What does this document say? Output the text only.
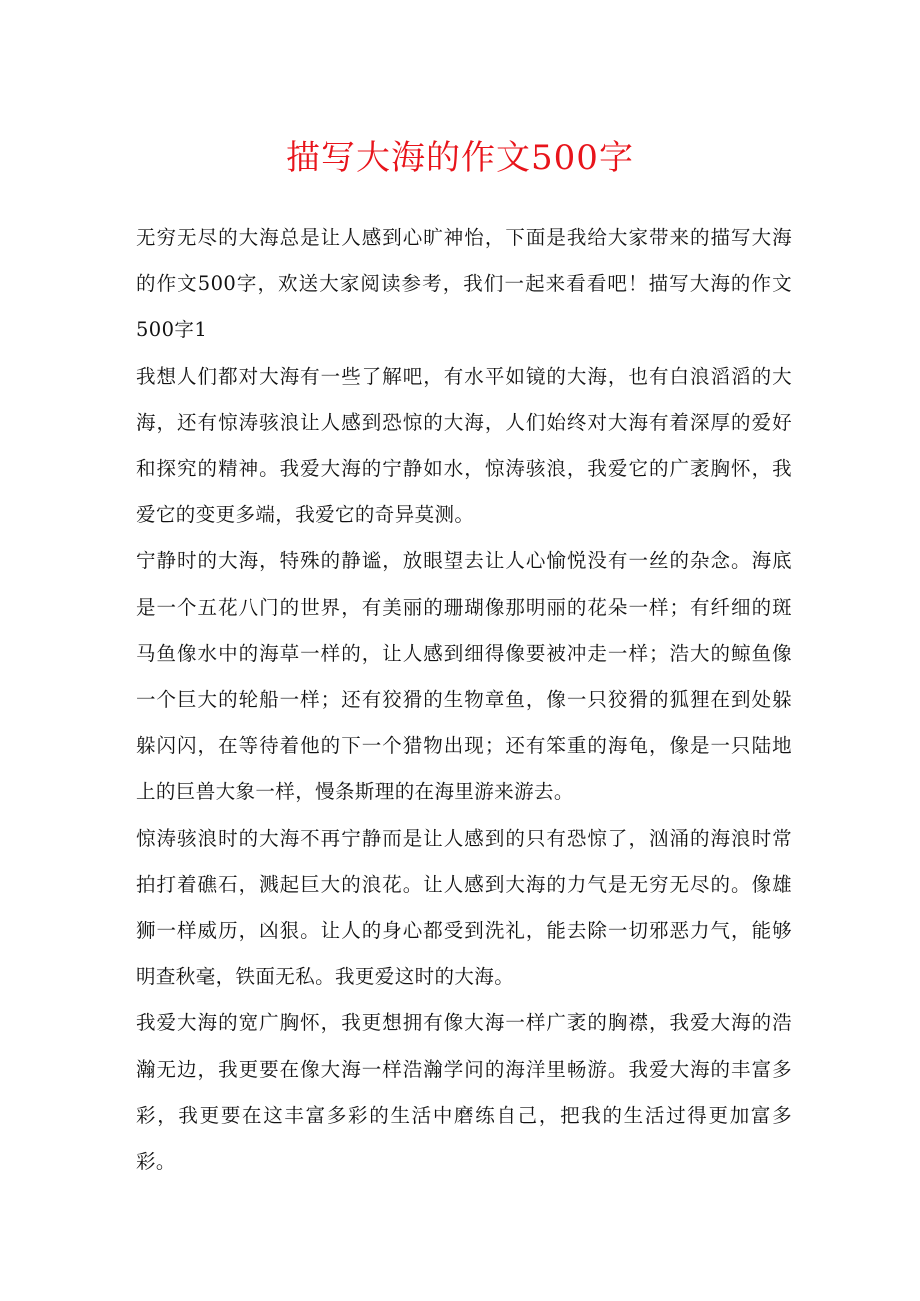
描写大海的作文500字

无穷无尽的大海总是让人感到心旷神怡，下面是我给大家带来的描写大海的作文500字，欢送大家阅读参考，我们一起来看看吧！描写大海的作文500字1

我想人们都对大海有一些了解吧，有水平如镜的大海，也有白浪滔滔的大海，还有惊涛骇浪让人感到恐惊的大海，人们始终对大海有着深厚的爱好和探究的精神。我爱大海的宁静如水，惊涛骇浪，我爱它的广袤胸怀，我爱它的变更多端，我爱它的奇异莫测。

宁静时的大海，特殊的静谧，放眼望去让人心愉悦没有一丝的杂念。海底是一个五花八门的世界，有美丽的珊瑚像那明丽的花朵一样；有纤细的斑马鱼像水中的海草一样的，让人感到细得像要被冲走一样；浩大的鲸鱼像一个巨大的轮船一样；还有狡猾的生物章鱼，像一只狡猾的狐狸在到处躲躲闪闪，在等待着他的下一个猎物出现；还有笨重的海龟，像是一只陆地上的巨兽大象一样，慢条斯理的在海里游来游去。

惊涛骇浪时的大海不再宁静而是让人感到的只有恐惊了，汹涌的海浪时常拍打着礁石，溅起巨大的浪花。让人感到大海的力气是无穷无尽的。像雄狮一样威历，凶狠。让人的身心都受到洗礼，能去除一切邪恶力气，能够明查秋毫，铁面无私。我更爱这时的大海。

我爱大海的宽广胸怀，我更想拥有像大海一样广袤的胸襟，我爱大海的浩瀚无边，我更要在像大海一样浩瀚学问的海洋里畅游。我爱大海的丰富多彩，我更要在这丰富多彩的生活中磨练自己，把我的生活过得更加富多彩。
